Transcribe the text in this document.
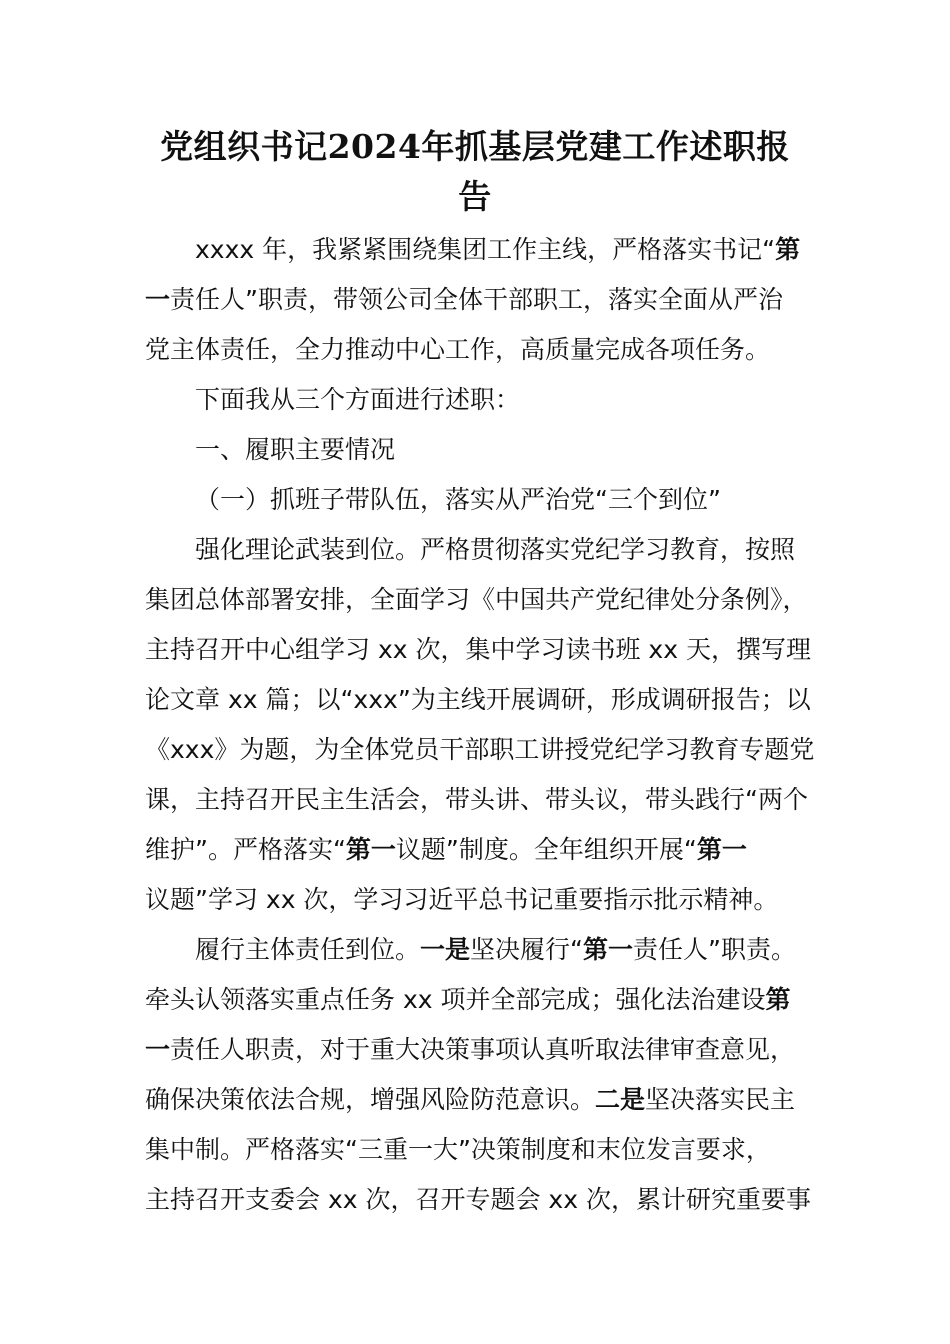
党组织书记2024年抓基层党建工作述职报
告
xxxx 年，我紧紧围绕集团工作主线，严格落实书记“第
一责任人”职责，带领公司全体干部职工，落实全面从严治
党主体责任，全力推动中心工作，高质量完成各项任务。
下面我从三个方面进行述职：
一、履职主要情况
（一）抓班子带队伍，落实从严治党“三个到位”
强化理论武装到位。严格贯彻落实党纪学习教育，按照
集团总体部署安排，全面学习《中国共产党纪律处分条例》，
主持召开中心组学习 xx 次，集中学习读书班 xx 天，撰写理
论文章 xx 篇；以“xxx”为主线开展调研，形成调研报告；以
《xxx》为题，为全体党员干部职工讲授党纪学习教育专题党
课，主持召开民主生活会，带头讲、带头议，带头践行“两个
维护”。严格落实“第一议题”制度。全年组织开展“第一
议题”学习 xx 次，学习习近平总书记重要指示批示精神。
履行主体责任到位。一是坚决履行“第一责任人”职责。
牵头认领落实重点任务 xx 项并全部完成；强化法治建设第
一责任人职责，对于重大决策事项认真听取法律审查意见，
确保决策依法合规，增强风险防范意识。二是坚决落实民主
集中制。严格落实“三重一大”决策制度和末位发言要求，
主持召开支委会 xx 次，召开专题会 xx 次，累计研究重要事
